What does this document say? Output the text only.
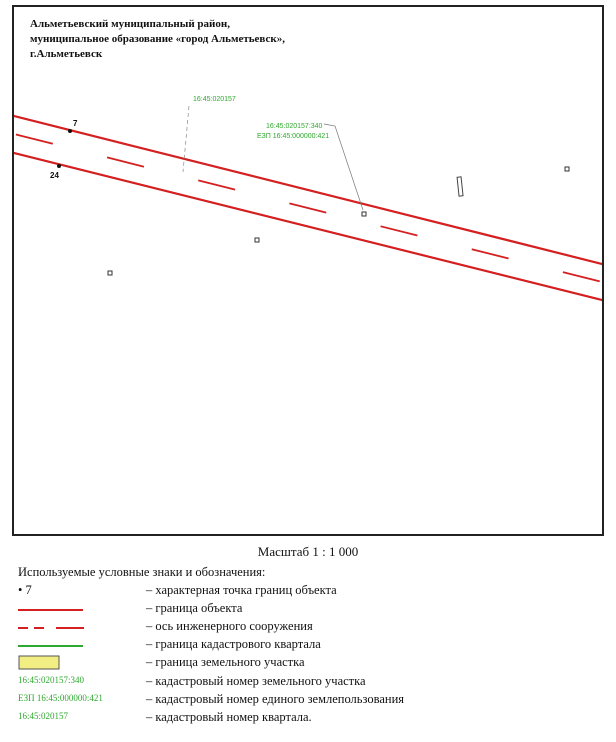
16:45:020157
16:45:020157:340
ЕЗП 16:45:000000:421
7
24
Альметьевский муниципальный район,
муниципальное образование «город Альметьевск»,
г.Альметьевск
Масштаб 1 : 1 000
Используемые условные знаки и обозначения:
• 7	– характерная точка границ объекта
– граница объекта
– ось инженерного сооружения
– граница кадастрового квартала
– граница земельного участка
16:45:020157:340	– кадастровый номер земельного участка
ЕЗП 16:45:000000:421	– кадастровый номер единого землепользования
16:45:020157	– кадастровый номер квартала.
